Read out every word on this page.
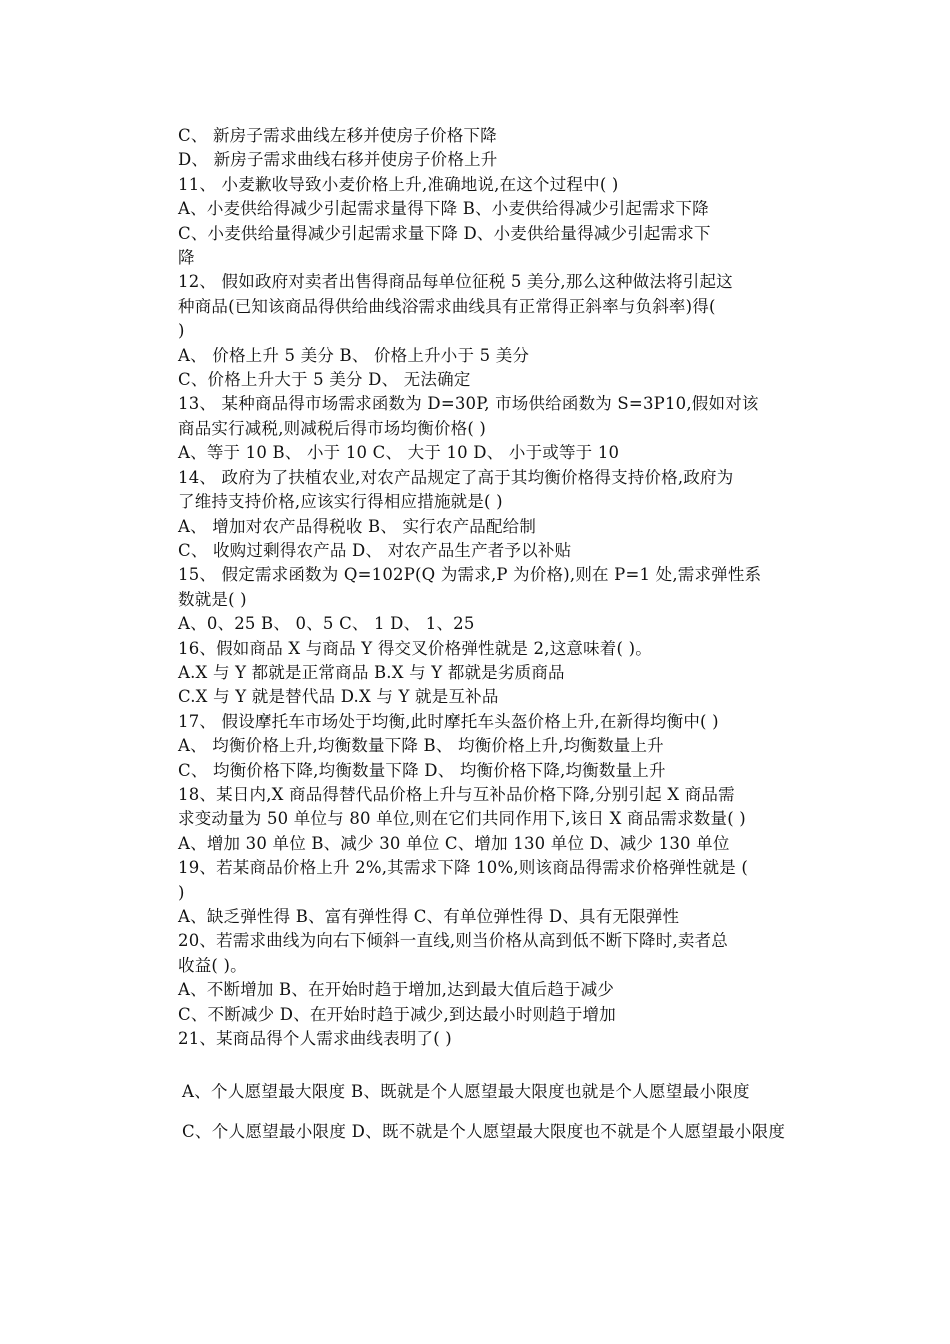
C、 新房子需求曲线左移并使房子价格下降
D、 新房子需求曲线右移并使房子价格上升
11、 小麦歉收导致小麦价格上升,准确地说,在这个过程中( )
A、小麦供给得减少引起需求量得下降 B、小麦供给得减少引起需求下降
C、小麦供给量得减少引起需求量下降 D、小麦供给量得减少引起需求下
降
12、 假如政府对卖者出售得商品每单位征税 5 美分,那么这种做法将引起这
种商品(已知该商品得供给曲线浴需求曲线具有正常得正斜率与负斜率)得(
)
A、 价格上升 5 美分 B、 价格上升小于 5 美分
C、价格上升大于 5 美分 D、 无法确定
13、 某种商品得市场需求函数为 D=30P, 市场供给函数为 S=3P10,假如对该
商品实行减税,则减税后得市场均衡价格( )
A、等于 10 B、 小于 10 C、 大于 10 D、 小于或等于 10
14、 政府为了扶植农业,对农产品规定了高于其均衡价格得支持价格,政府为
了维持支持价格,应该实行得相应措施就是( )
A、 增加对农产品得税收 B、 实行农产品配给制
C、 收购过剩得农产品 D、 对农产品生产者予以补贴
15、 假定需求函数为 Q=102P(Q 为需求,P 为价格),则在 P=1 处,需求弹性系
数就是( )
A、0、25 B、 0、5 C、 1 D、 1、25
16、假如商品 X 与商品 Y 得交叉价格弹性就是 2,这意味着( )。
A.X 与 Y 都就是正常商品 B.X 与 Y 都就是劣质商品
C.X 与 Y 就是替代品 D.X 与 Y 就是互补品
17、 假设摩托车市场处于均衡,此时摩托车头盔价格上升,在新得均衡中( )
A、 均衡价格上升,均衡数量下降 B、 均衡价格上升,均衡数量上升
C、 均衡价格下降,均衡数量下降 D、 均衡价格下降,均衡数量上升
18、某日内,X 商品得替代品价格上升与互补品价格下降,分别引起 X 商品需
求变动量为 50 单位与 80 单位,则在它们共同作用下,该日 X 商品需求数量( )
A、增加 30 单位 B、减少 30 单位 C、增加 130 单位 D、减少 130 单位
19、若某商品价格上升 2%,其需求下降 10%,则该商品得需求价格弹性就是 (
)
A、缺乏弹性得 B、富有弹性得 C、有单位弹性得 D、具有无限弹性
20、若需求曲线为向右下倾斜一直线,则当价格从高到低不断下降时,卖者总
收益( )。
A、不断增加 B、在开始时趋于增加,达到最大值后趋于减少
C、不断减少 D、在开始时趋于减少,到达最小时则趋于增加
21、某商品得个人需求曲线表明了( )
A、个人愿望最大限度 B、既就是个人愿望最大限度也就是个人愿望最小限度
C、个人愿望最小限度 D、既不就是个人愿望最大限度也不就是个人愿望最小限度
